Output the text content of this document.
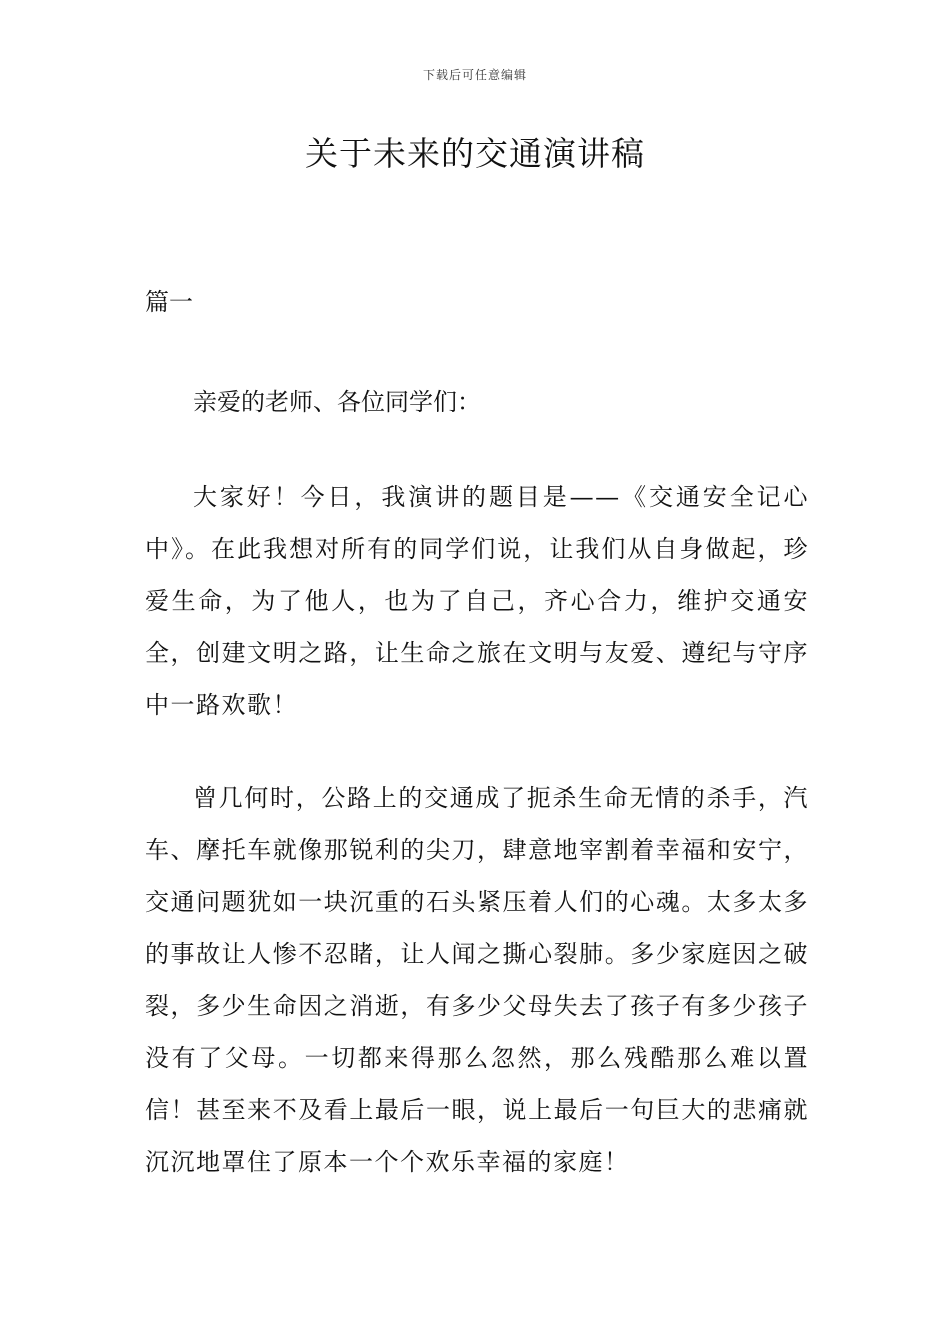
下载后可任意编辑
关于未来的交通演讲稿

篇一

亲爱的老师、各位同学们：

大家好！今日，我演讲的题目是——《交通安全记心中》。在此我想对所有的同学们说，让我们从自身做起，珍爱生命，为了他人，也为了自己，齐心合力，维护交通安全，创建文明之路，让生命之旅在文明与友爱、遵纪与守序中一路欢歌！

曾几何时，公路上的交通成了扼杀生命无情的杀手，汽车、摩托车就像那锐利的尖刀，肆意地宰割着幸福和安宁，交通问题犹如一块沉重的石头紧压着人们的心魂。太多太多的事故让人惨不忍睹，让人闻之撕心裂肺。多少家庭因之破裂，多少生命因之消逝，有多少父母失去了孩子有多少孩子没有了父母。一切都来得那么忽然，那么残酷那么难以置信！甚至来不及看上最后一眼，说上最后一句巨大的悲痛就沉沉地罩住了原本一个个欢乐幸福的家庭！
